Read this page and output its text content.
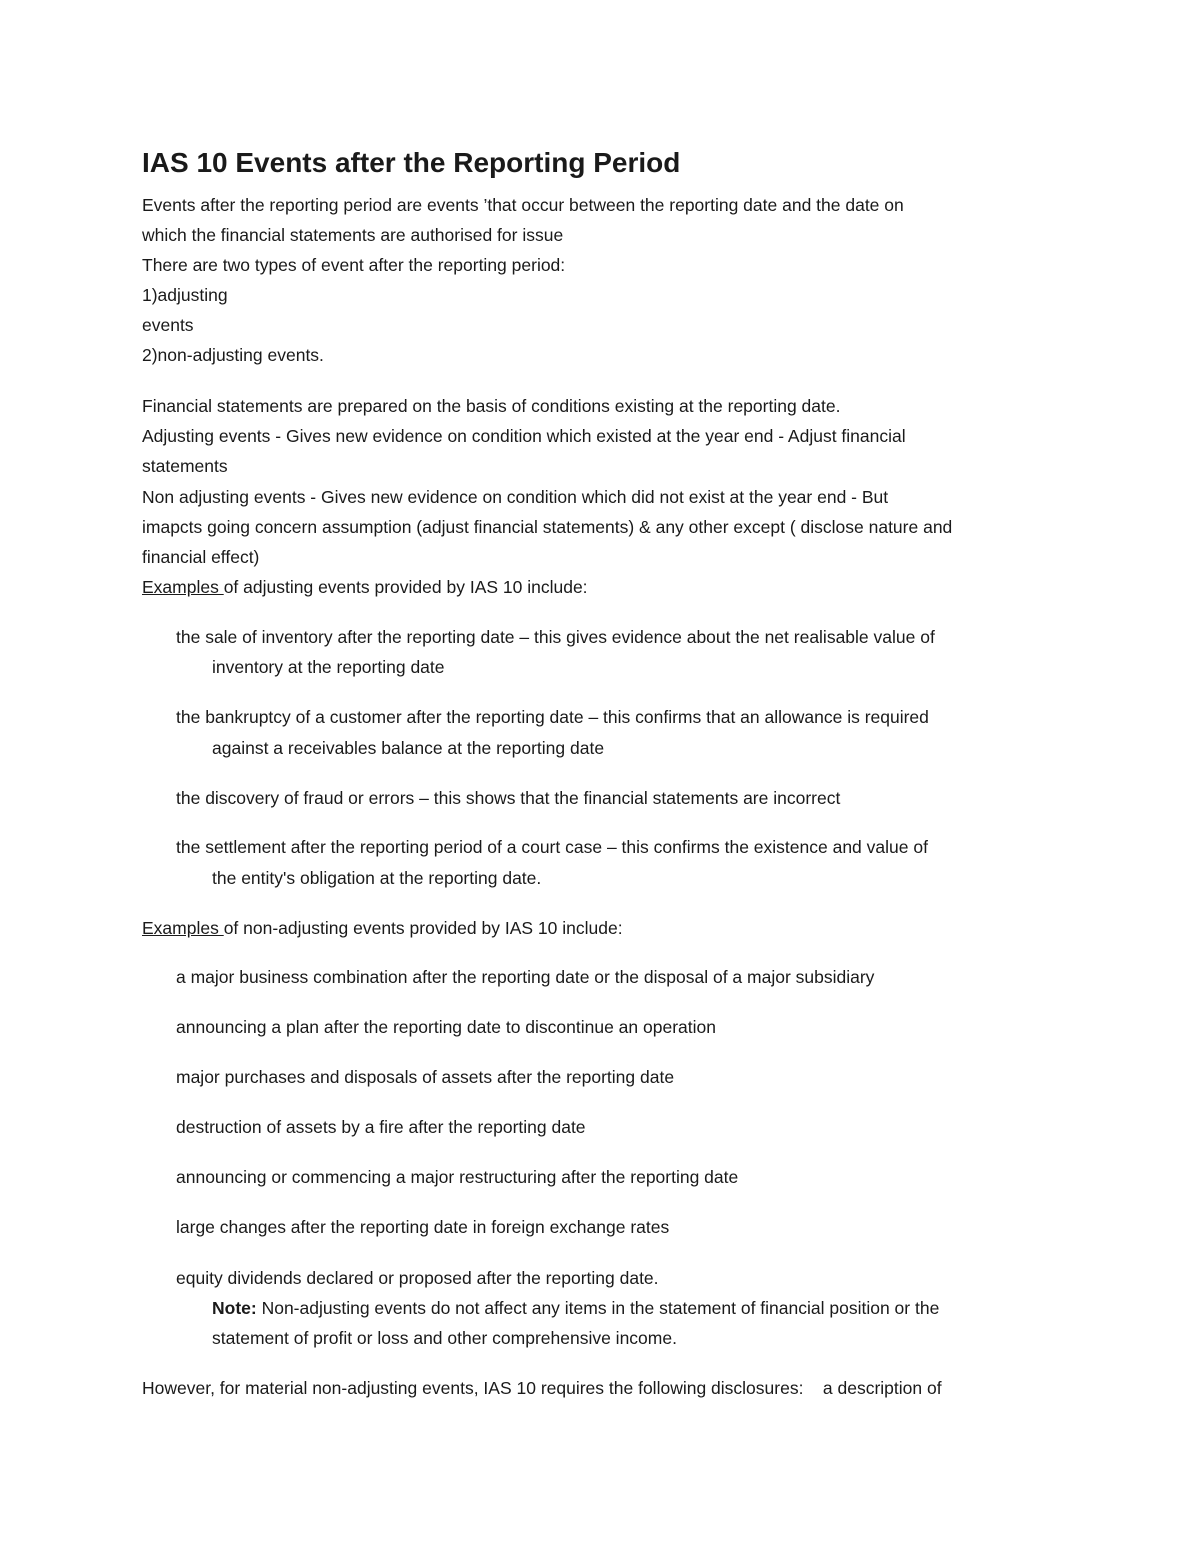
IAS 10 Events after the Reporting Period

Events after the reporting period are events ’that occur between the reporting date and the date on

which the financial statements are authorised for issue

There are two types of event after the reporting period:

1)adjusting

events

2)non-adjusting events.

Financial statements are prepared on the basis of conditions existing at the reporting date.

Adjusting events - Gives new evidence on condition which existed at the year end - Adjust financial

statements

Non adjusting events - Gives new evidence on condition which did not exist at the year end - But

imapcts going concern assumption (adjust financial statements) & any other except ( disclose nature and

financial effect)

Examples of adjusting events provided by IAS 10 include:

the sale of inventory after the reporting date – this gives evidence about the net realisable value of

inventory at the reporting date

the bankruptcy of a customer after the reporting date – this confirms that an allowance is required

against a receivables balance at the reporting date

the discovery of fraud or errors – this shows that the financial statements are incorrect

the settlement after the reporting period of a court case – this confirms the existence and value of

the entity's obligation at the reporting date.

Examples of non-adjusting events provided by IAS 10 include:

a major business combination after the reporting date or the disposal of a major subsidiary

announcing a plan after the reporting date to discontinue an operation

major purchases and disposals of assets after the reporting date

destruction of assets by a fire after the reporting date

announcing or commencing a major restructuring after the reporting date

large changes after the reporting date in foreign exchange rates

equity dividends declared or proposed after the reporting date.

Note: Non-adjusting events do not affect any items in the statement of financial position or the

statement of profit or loss and other comprehensive income.

However, for material non-adjusting events, IAS 10 requires the following disclosures:    a description of
